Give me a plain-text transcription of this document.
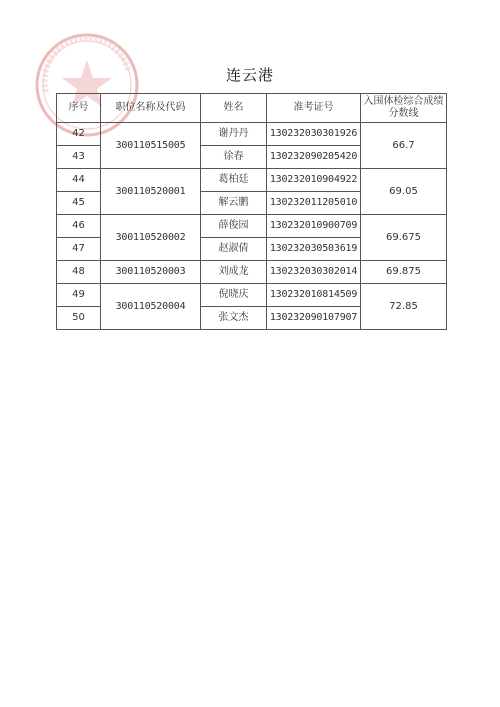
连云港
序号	职位名称及代码	姓名	准考证号	入围体检综合成绩分数线
42	300110515005	谢丹丹	130232030301926	66.7
43		徐春	130232090205420	
44	300110520001	葛柏廷	130232010904922	69.05
45		解云鹏	130232011205010	
46	300110520002	薛俊园	130232010900709	69.675
47		赵淑倩	130232030503619	
48	300110520003	刘成龙	130232030302014	69.875
49	300110520004	倪晓庆	130232010814509	72.85
50		张文杰	130232090107907	
